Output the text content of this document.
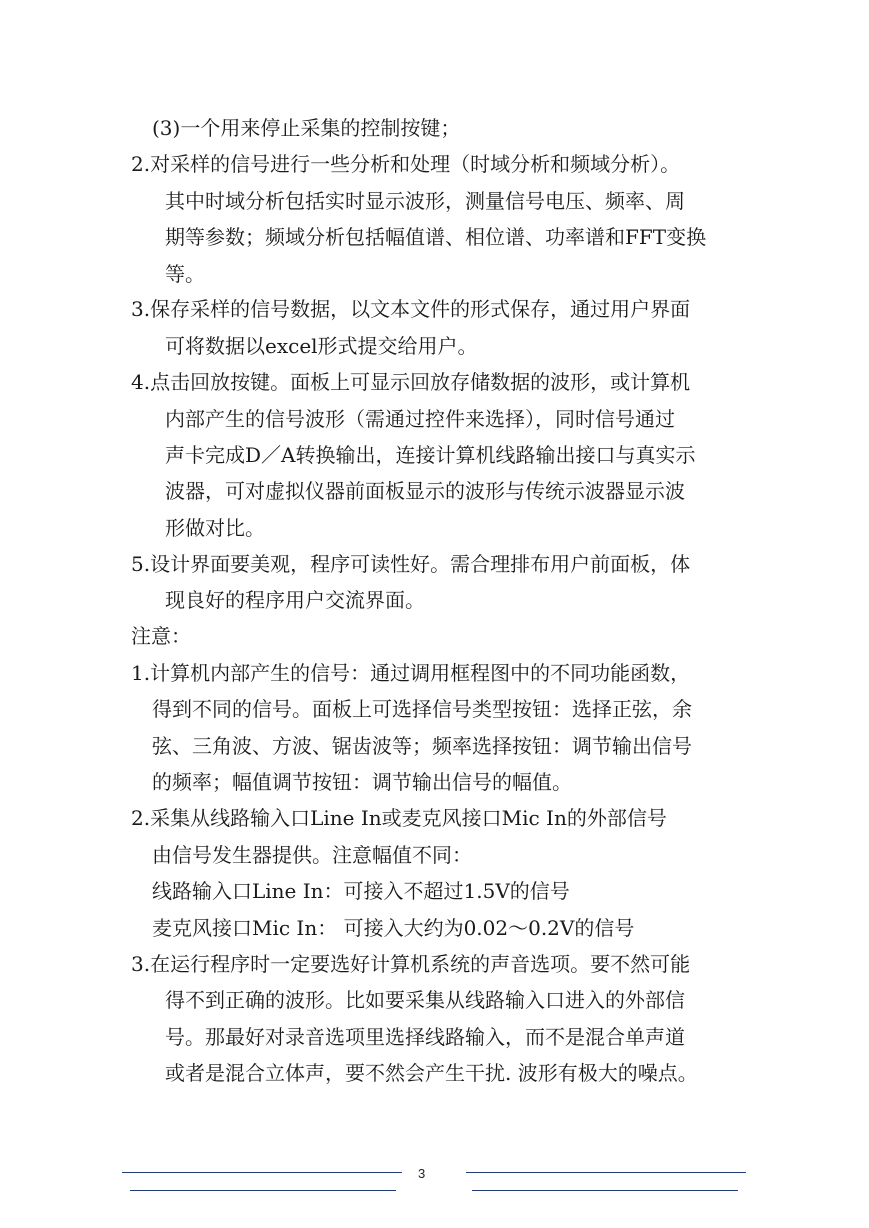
(3)一个用来停止采集的控制按键；
2.对采样的信号进行一些分析和处理（时域分析和频域分析）。
其中时域分析包括实时显示波形，测量信号电压、频率、周
期等参数；频域分析包括幅值谱、相位谱、功率谱和FFT变换
等。
3.保存采样的信号数据，以文本文件的形式保存，通过用户界面
可将数据以excel形式提交给用户。
4.点击回放按键。面板上可显示回放存储数据的波形，或计算机
内部产生的信号波形（需通过控件来选择），同时信号通过
声卡完成D／A转换输出，连接计算机线路输出接口与真实示
波器，可对虚拟仪器前面板显示的波形与传统示波器显示波
形做对比。
5.设计界面要美观，程序可读性好。需合理排布用户前面板，体
现良好的程序用户交流界面。
注意：
1.计算机内部产生的信号：通过调用框程图中的不同功能函数，
得到不同的信号。面板上可选择信号类型按钮：选择正弦，余
弦、三角波、方波、锯齿波等；频率选择按钮：调节输出信号
的频率；幅值调节按钮：调节输出信号的幅值。
2.采集从线路输入口Line In或麦克风接口Mic In的外部信号
由信号发生器提供。注意幅值不同：
线路输入口Line In：可接入不超过1.5V的信号
麦克风接口Mic In： 可接入大约为0.02～0.2V的信号
3.在运行程序时一定要选好计算机系统的声音选项。要不然可能
得不到正确的波形。比如要采集从线路输入口进入的外部信
号。那最好对录音选项里选择线路输入，而不是混合单声道
或者是混合立体声，要不然会产生干扰. 波形有极大的噪点。
3
